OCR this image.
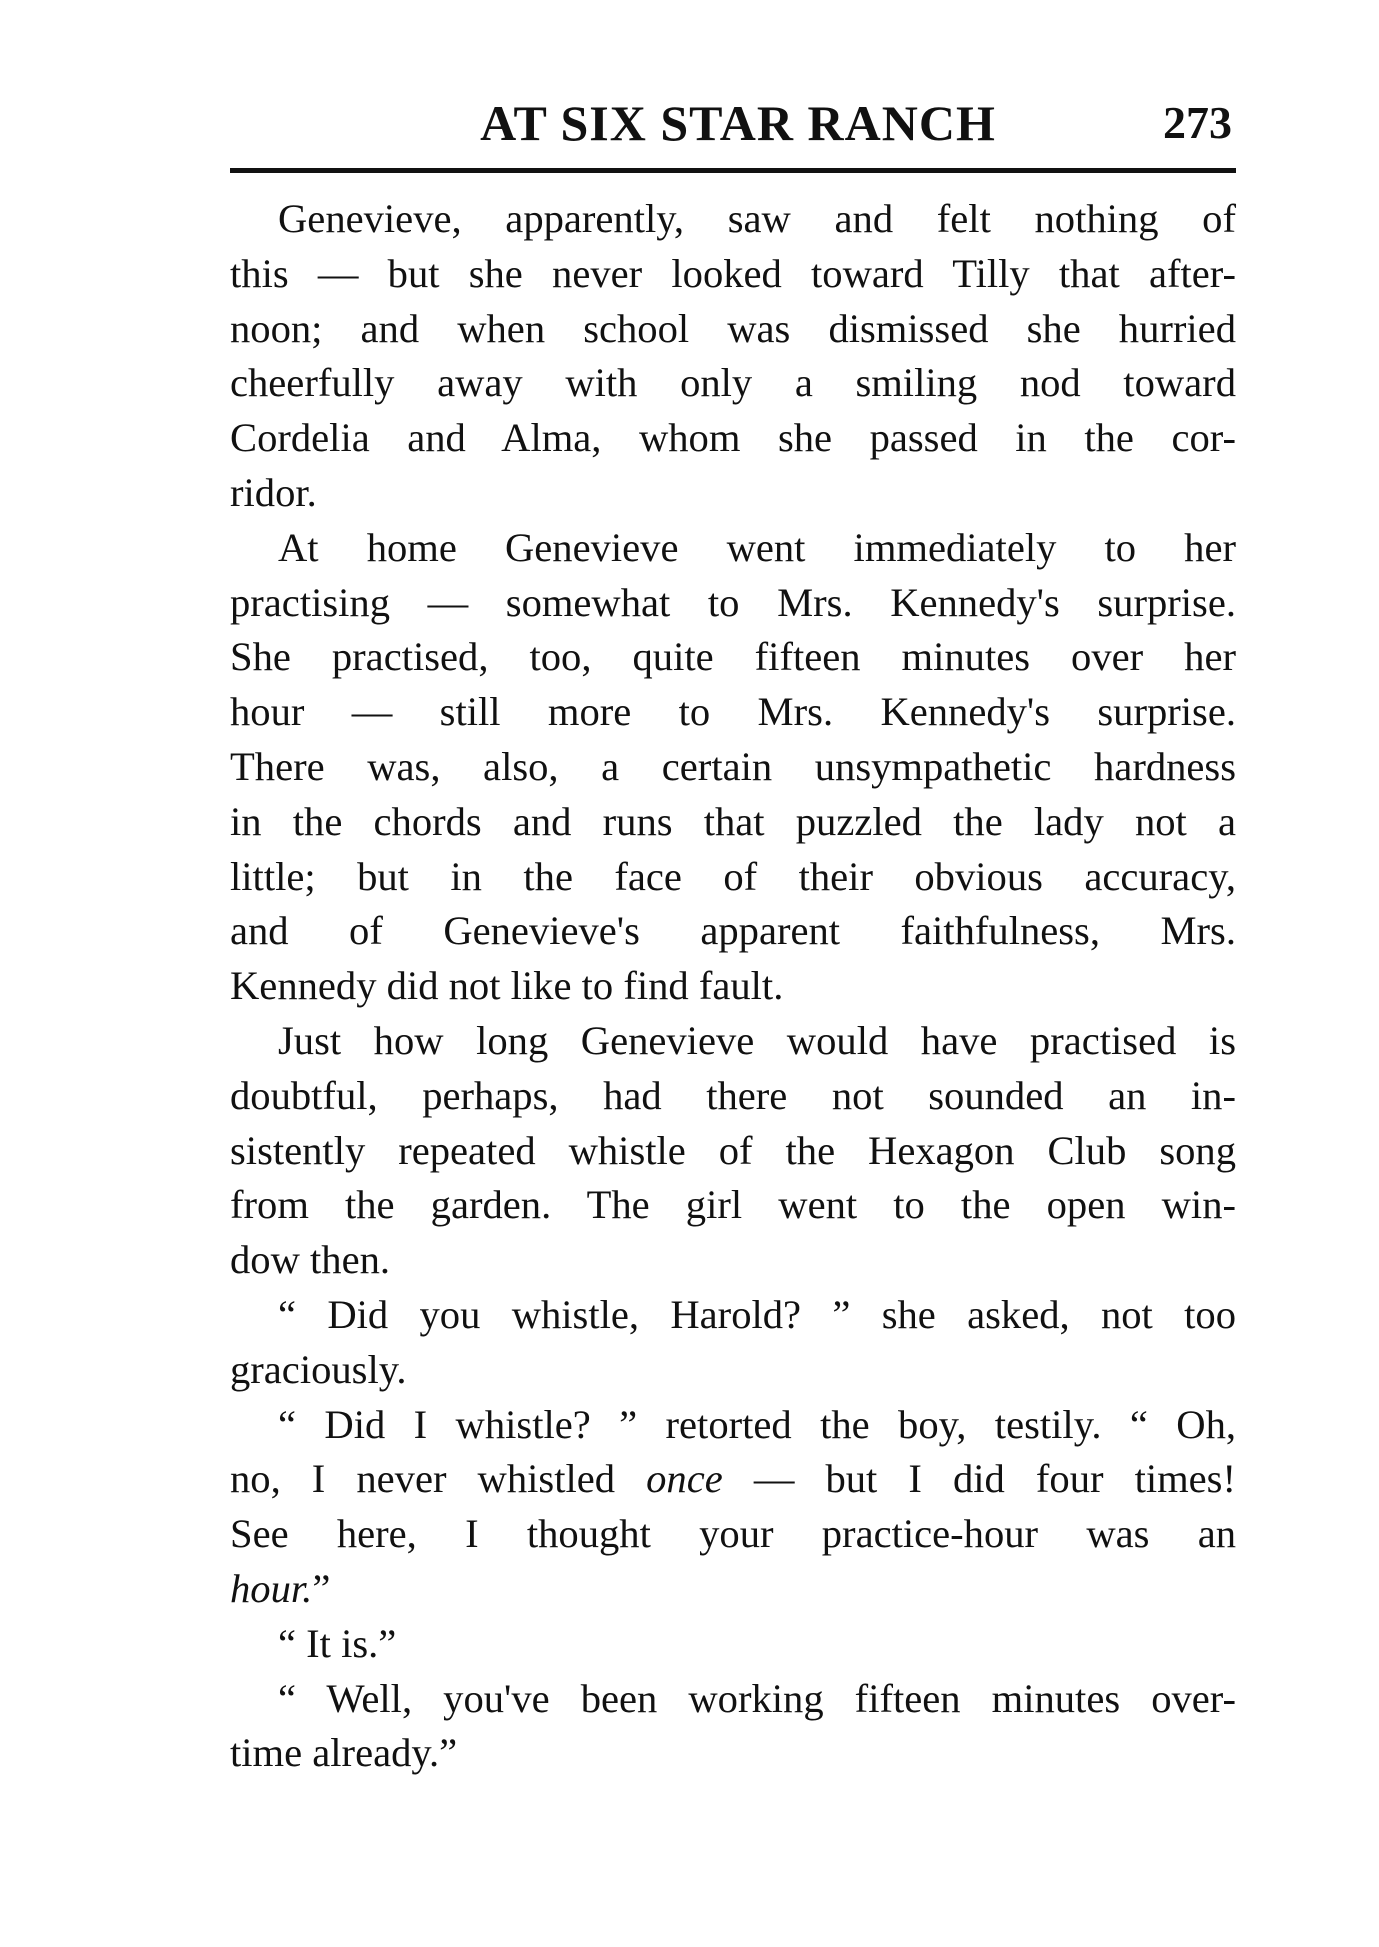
AT SIX STAR RANCH	273

Genevieve, apparently, saw and felt nothing of
this — but she never looked toward Tilly that after-
noon; and when school was dismissed she hurried
cheerfully away with only a smiling nod toward
Cordelia and Alma, whom she passed in the cor-
ridor.

At home Genevieve went immediately to her
practising — somewhat to Mrs. Kennedy's surprise.
She practised, too, quite fifteen minutes over her
hour — still more to Mrs. Kennedy's surprise.
There was, also, a certain unsympathetic hardness
in the chords and runs that puzzled the lady not a
little; but in the face of their obvious accuracy,
and of Genevieve's apparent faithfulness, Mrs.
Kennedy did not like to find fault.

Just how long Genevieve would have practised is
doubtful, perhaps, had there not sounded an in-
sistently repeated whistle of the Hexagon Club song
from the garden. The girl went to the open win-
dow then.

“ Did you whistle, Harold? ” she asked, not too
graciously.

“ Did I whistle? ” retorted the boy, testily. “ Oh,
no, I never whistled once — but I did four times!
See here, I thought your practice-hour was an
hour.”

“ It is.”

“ Well, you've been working fifteen minutes over-
time already.”
